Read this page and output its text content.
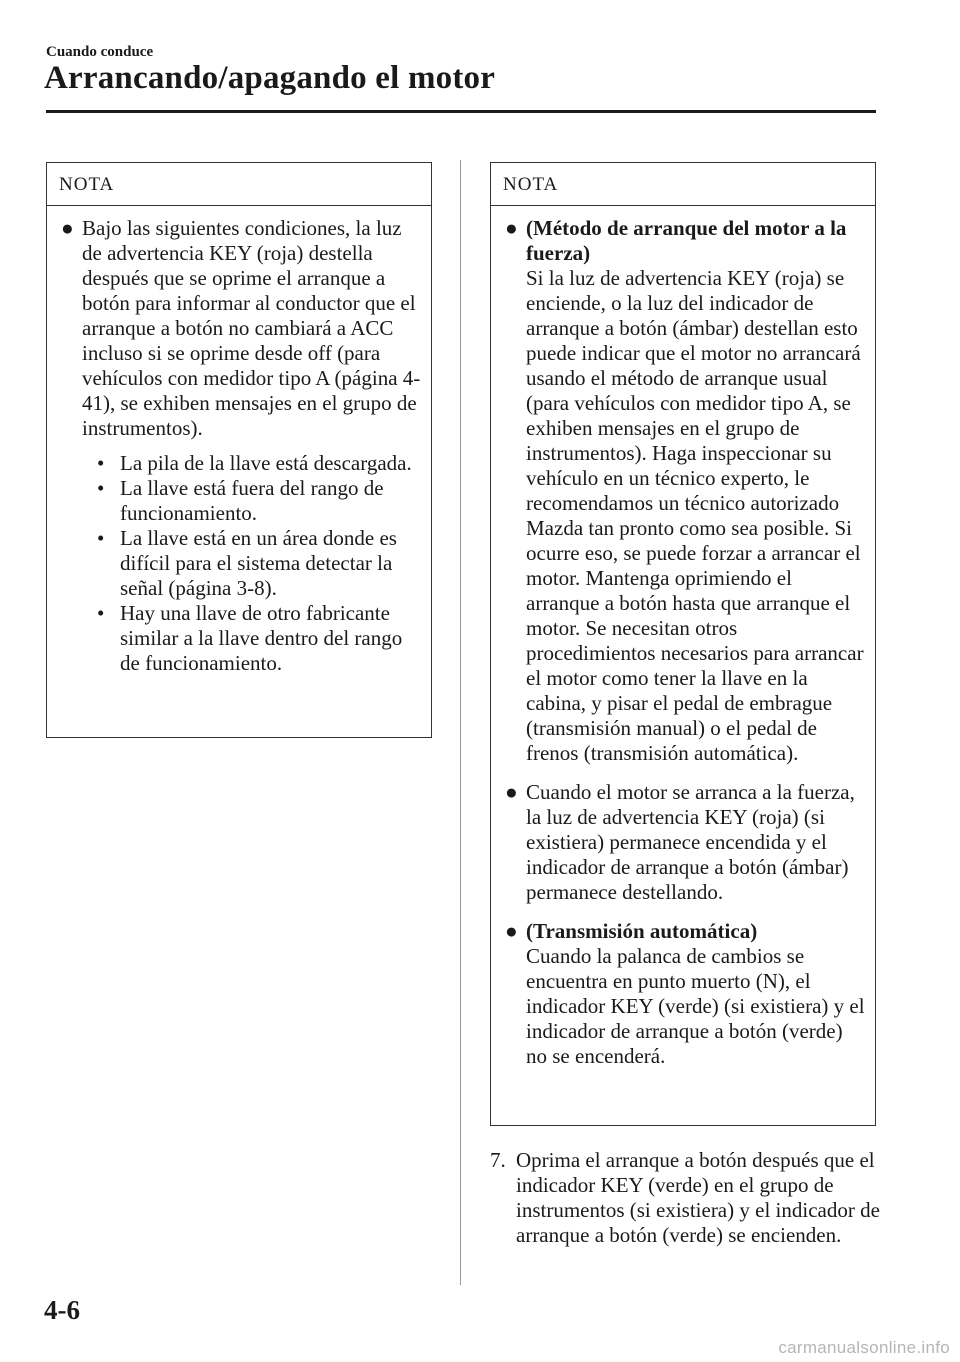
Cuando conduce
Arrancando/apagando el motor
NOTA
● Bajo las siguientes condiciones, la luz de advertencia KEY (roja) destella después que se oprime el arranque a botón para informar al conductor que el arranque a botón no cambiará a ACC incluso si se oprime desde off (para vehículos con medidor tipo A (página 4-41), se exhiben mensajes en el grupo de instrumentos).
• La pila de la llave está descargada.
• La llave está fuera del rango de funcionamiento.
• La llave está en un área donde es difícil para el sistema detectar la señal (página 3-8).
• Hay una llave de otro fabricante similar a la llave dentro del rango de funcionamiento.
NOTA
● (Método de arranque del motor a la fuerza)
Si la luz de advertencia KEY (roja) se enciende, o la luz del indicador de arranque a botón (ámbar) destellan esto puede indicar que el motor no arrancará usando el método de arranque usual (para vehículos con medidor tipo A, se exhiben mensajes en el grupo de instrumentos). Haga inspeccionar su vehículo en un técnico experto, le recomendamos un técnico autorizado Mazda tan pronto como sea posible. Si ocurre eso, se puede forzar a arrancar el motor. Mantenga oprimiendo el arranque a botón hasta que arranque el motor. Se necesitan otros procedimientos necesarios para arrancar el motor como tener la llave en la cabina, y pisar el pedal de embrague (transmisión manual) o el pedal de frenos (transmisión automática).
● Cuando el motor se arranca a la fuerza, la luz de advertencia KEY (roja) (si existiera) permanece encendida y el indicador de arranque a botón (ámbar) permanece destellando.
● (Transmisión automática)
Cuando la palanca de cambios se encuentra en punto muerto (N), el indicador KEY (verde) (si existiera) y el indicador de arranque a botón (verde) no se encenderá.
7. Oprima el arranque a botón después que el indicador KEY (verde) en el grupo de instrumentos (si existiera) y el indicador de arranque a botón (verde) se encienden.
4-6
carmanualsonline.info
